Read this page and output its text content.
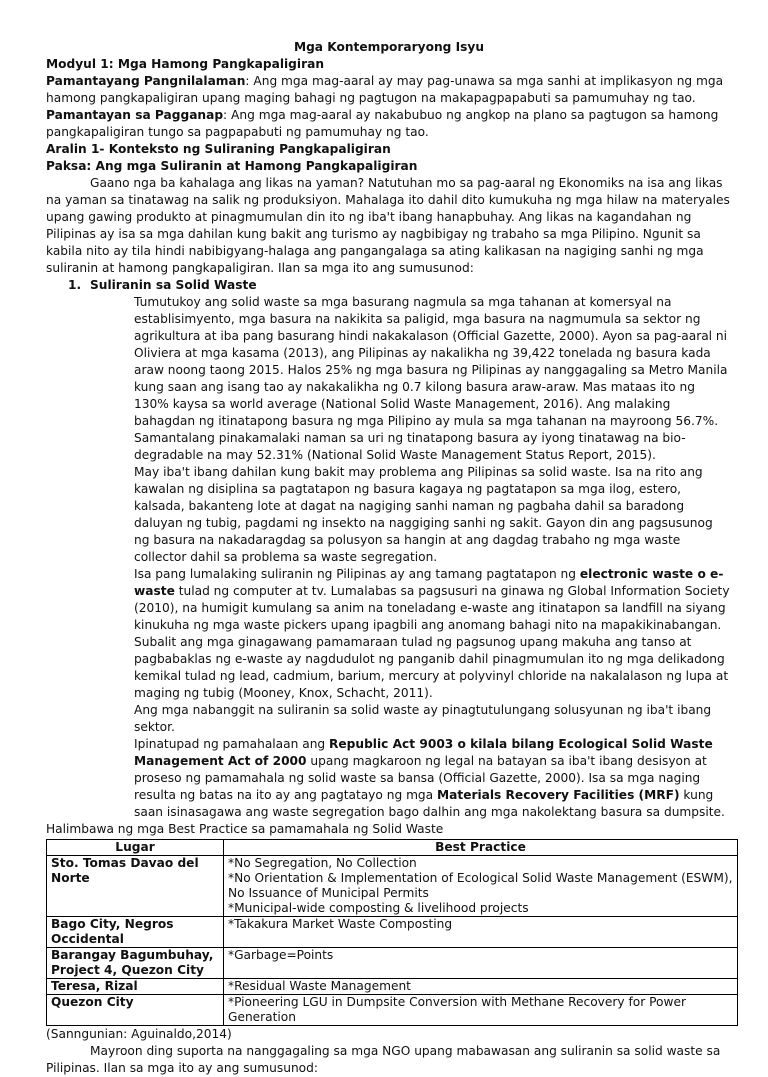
Mga Kontemporaryong Isyu

Modyul 1: Mga Hamong Pangkapaligiran

Pamantayang Pangnilalaman: Ang mga mag-aaral ay may pag-unawa sa mga sanhi at implikasyon ng mga hamong pangkapaligiran upang maging bahagi ng pagtugon na makapagpapabuti sa pamumuhay ng tao.

Pamantayan sa Pagganap: Ang mga mag-aaral ay nakabubuo ng angkop na plano sa pagtugon sa hamong pangkapaligiran tungo sa pagpapabuti ng pamumuhay ng tao.

Aralin 1- Konteksto ng Suliraning Pangkapaligiran

Paksa: Ang mga Suliranin at Hamong Pangkapaligiran

Gaano nga ba kahalaga ang likas na yaman? Natutuhan mo sa pag-aaral ng Ekonomiks na isa ang likas na yaman sa tinatawag na salik ng produksiyon. Mahalaga ito dahil dito kumukuha ng mga hilaw na materyales upang gawing produkto at pinagmumulan din ito ng iba't ibang hanapbuhay. Ang likas na kagandahan ng Pilipinas ay isa sa mga dahilan kung bakit ang turismo ay nagbibigay ng trabaho sa mga Pilipino. Ngunit sa kabila nito ay tila hindi nabibigyang-halaga ang pangangalaga sa ating kalikasan na nagiging sanhi ng mga suliranin at hamong pangkapaligiran. Ilan sa mga ito ang sumusunod:

1. Suliranin sa Solid Waste

Tumutukoy ang solid waste sa mga basurang nagmula sa mga tahanan at komersyal na establisimyento, mga basura na nakikita sa paligid, mga basura na nagmumula sa sektor ng agrikultura at iba pang basurang hindi nakakalason (Official Gazette, 2000). Ayon sa pag-aaral ni Oliviera at mga kasama (2013), ang Pilipinas ay nakalikha ng 39,422 tonelada ng basura kada araw noong taong 2015. Halos 25% ng mga basura ng Pilipinas ay nanggagaling sa Metro Manila kung saan ang isang tao ay nakakalikha ng 0.7 kilong basura araw-araw. Mas mataas ito ng 130% kaysa sa world average (National Solid Waste Management, 2016). Ang malaking bahagdan ng itinatapong basura ng mga Pilipino ay mula sa mga tahanan na mayroong 56.7%. Samantalang pinakamalaki naman sa uri ng tinatapong basura ay iyong tinatawag na bio-degradable na may 52.31% (National Solid Waste Management Status Report, 2015).

May iba't ibang dahilan kung bakit may problema ang Pilipinas sa solid waste. Isa na rito ang kawalan ng disiplina sa pagtatapon ng basura kagaya ng pagtatapon sa mga ilog, estero, kalsada, bakanteng lote at dagat na nagiging sanhi naman ng pagbaha dahil sa baradong daluyan ng tubig, pagdami ng insekto na naggiging sanhi ng sakit. Gayon din ang pagsusunog ng basura na nakadaragdag sa polusyon sa hangin at ang dagdag trabaho ng mga waste collector dahil sa problema sa waste segregation.

Isa pang lumalaking suliranin ng Pilipinas ay ang tamang pagtatapon ng electronic waste o e-waste tulad ng computer at tv. Lumalabas sa pagsusuri na ginawa ng Global Information Society (2010), na humigit kumulang sa anim na toneladang e-waste ang itinatapon sa landfill na siyang kinukuha ng mga waste pickers upang ipagbili ang anomang bahagi nito na mapakikinabangan. Subalit ang mga ginagawang pamamaraan tulad ng pagsunog upang makuha ang tanso at pagbabaklas ng e-waste ay nagdudulot ng panganib dahil pinagmumulan ito ng mga delikadong kemikal tulad ng lead, cadmium, barium, mercury at polyvinyl chloride na nakalalason ng lupa at maging ng tubig (Mooney, Knox, Schacht, 2011).

Ang mga nabanggit na suliranin sa solid waste ay pinagtutulungang solusyunan ng iba't ibang sektor.

Ipinatupad ng pamahalaan ang Republic Act 9003 o kilala bilang Ecological Solid Waste Management Act of 2000 upang magkaroon ng legal na batayan sa iba't ibang desisyon at proseso ng pamamahala ng solid waste sa bansa (Official Gazette, 2000). Isa sa mga naging resulta ng batas na ito ay ang pagtatayo ng mga Materials Recovery Facilities (MRF) kung saan isinasagawa ang waste segregation bago dalhin ang mga nakolektang basura sa dumpsite.

Halimbawa ng mga Best Practice sa pamamahala ng Solid Waste

Lugar	Best Practice
Sto. Tomas Davao del Norte	*No Segregation, No Collection
*No Orientation & Implementation of Ecological Solid Waste Management (ESWM), No Issuance of Municipal Permits
*Municipal-wide composting & livelihood projects

Bago City, Negros Occidental	*Takakura Market Waste Composting

Barangay Bagumbuhay, Project 4, Quezon City	*Garbage=Points

Teresa, Rizal	*Residual Waste Management

Quezon City	*Pioneering LGU in Dumpsite Conversion with Methane Recovery for Power Generation

(Sanngunian: Aguinaldo,2014)

Mayroon ding suporta na nanggagaling sa mga NGO upang mabawasan ang suliranin sa solid waste sa Pilipinas. Ilan sa mga ito ay ang sumusunod:
